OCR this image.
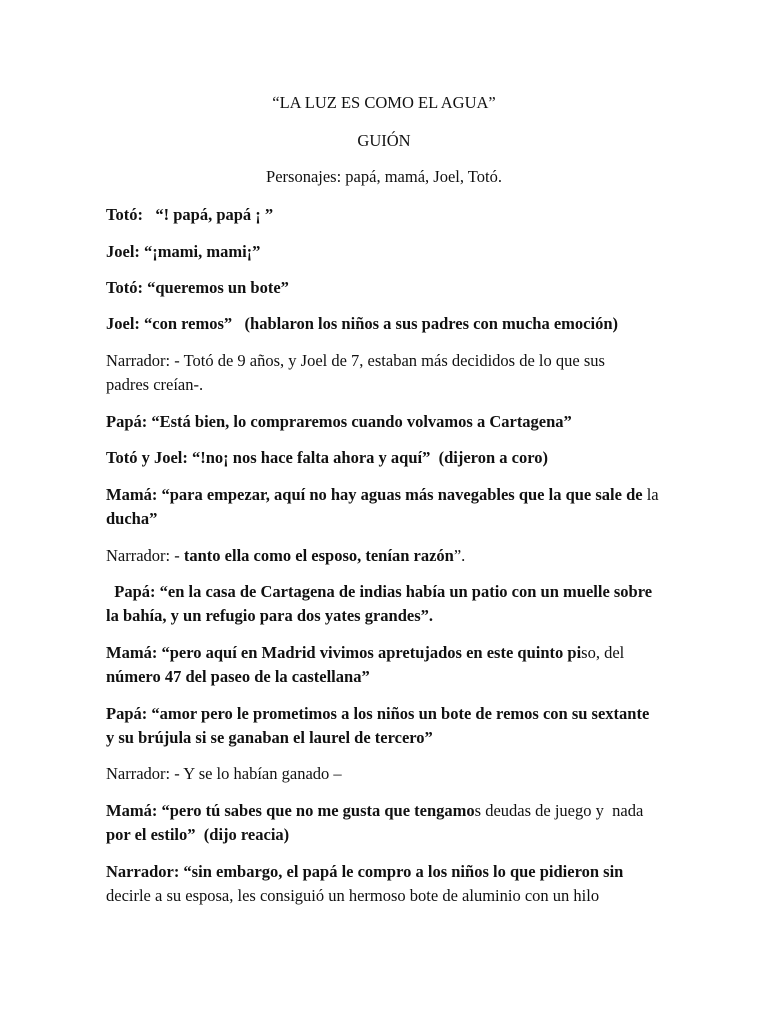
“LA LUZ ES COMO EL AGUA”
GUIÓN
Personajes: papá, mamá, Joel, Totó.
Totó:   “! papá, papá ¡ ”
Joel: “¡mami, mami¡”
Totó: “queremos un bote”
Joel: “con remos”   (hablaron los niños a sus padres con mucha emoción)
Narrador: - Totó de 9 años, y Joel de 7, estaban más decididos de lo que sus
padres creían-.
Papá: “Está bien, lo compraremos cuando volvamos a Cartagena”
Totó y Joel: “!no¡ nos hace falta ahora y aquí”  (dijeron a coro)
Mamá: “para empezar, aquí no hay aguas más navegables que la que sale de la
ducha”
Narrador: - tanto ella como el esposo, tenían razón”.
Papá: “en la casa de Cartagena de indias había un patio con un muelle sobre
la bahía, y un refugio para dos yates grandes”.
Mamá: “pero aquí en Madrid vivimos apretujados en este quinto piso, del
número 47 del paseo de la castellana”
Papá: “amor pero le prometimos a los niños un bote de remos con su sextante
y su brújula si se ganaban el laurel de tercero”
Narrador: - Y se lo habían ganado –
Mamá: “pero tú sabes que no me gusta que tengamos deudas de juego y  nada
por el estilo”  (dijo reacia)
Narrador: “sin embargo, el papá le compro a los niños lo que pidieron sin
decirle a su esposa, les consiguió un hermoso bote de aluminio con un hilo
